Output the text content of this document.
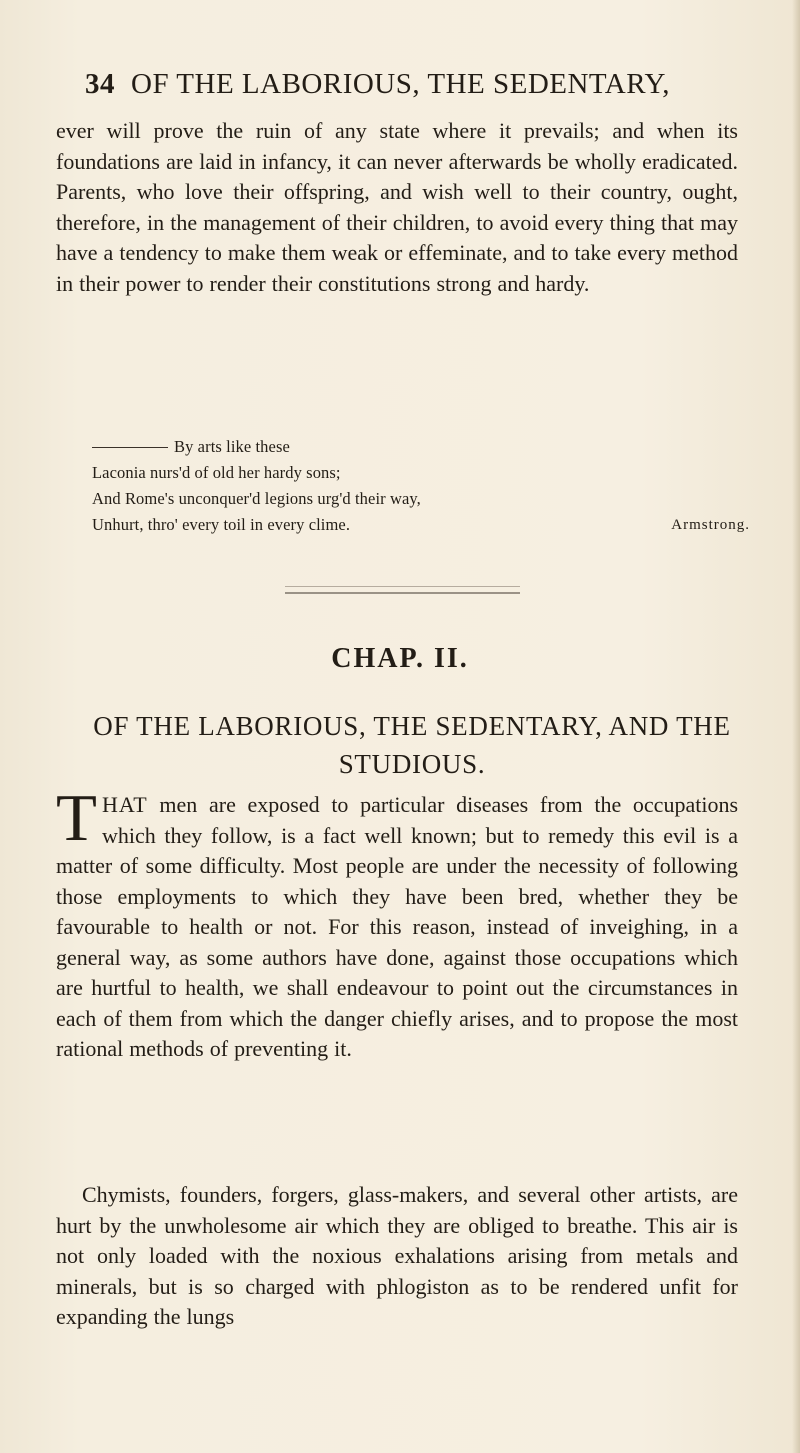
34 OF THE LABORIOUS, THE SEDENTARY,
ever will prove the ruin of any state where it prevails; and when its foundations are laid in infancy, it can never afterwards be wholly eradicated. Parents, who love their offspring, and wish well to their country, ought, therefore, in the management of their children, to avoid every thing that may have a tendency to make them weak or effeminate, and to take every method in their power to render their constitutions strong and hardy.
By arts like these
Laconia nurs'd of old her hardy sons;
And Rome's unconquer'd legions urg'd their way,
Unhurt, thro' every toil in every clime.	Armstrong.
CHAP. II.
OF THE LABORIOUS, THE SEDENTARY, AND THE STUDIOUS.
THAT men are exposed to particular diseases from the occupations which they follow, is a fact well known; but to remedy this evil is a matter of some difficulty. Most people are under the necessity of following those employments to which they have been bred, whether they be favourable to health or not. For this reason, instead of inveighing, in a general way, as some authors have done, against those occupations which are hurtful to health, we shall endeavour to point out the circumstances in each of them from which the danger chiefly arises, and to propose the most rational methods of preventing it.
Chymists, founders, forgers, glass-makers, and several other artists, are hurt by the unwholesome air which they are obliged to breathe. This air is not only loaded with the noxious exhalations arising from metals and minerals, but is so charged with phlogiston as to be rendered unfit for expanding the lungs
